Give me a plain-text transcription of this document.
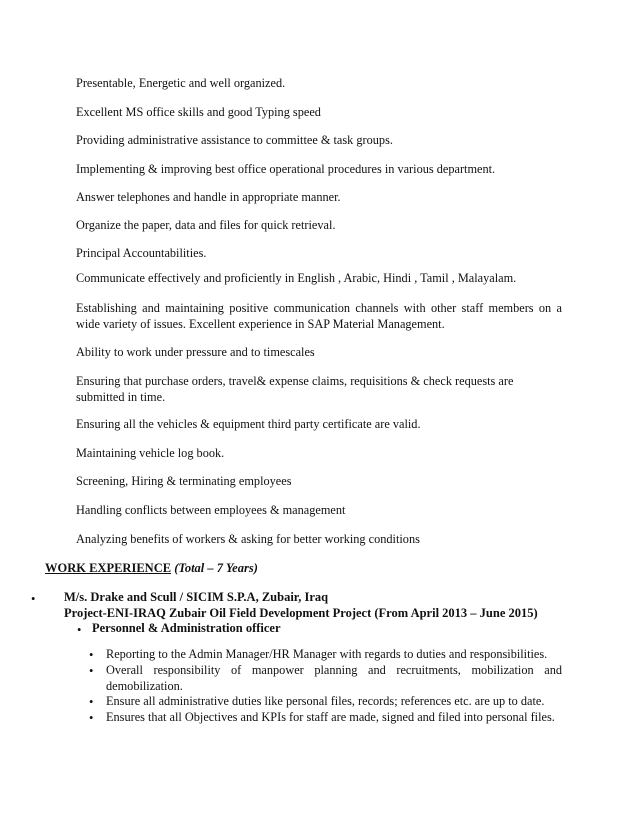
Presentable, Energetic and well organized.
Excellent MS office skills and good Typing speed
Providing administrative assistance to committee & task groups.
Implementing & improving best office operational procedures in various department.
Answer telephones and handle in appropriate manner.
Organize the paper, data and files for quick retrieval.
Principal Accountabilities.
Communicate effectively and proficiently in English , Arabic, Hindi , Tamil , Malayalam.
Establishing and maintaining positive communication channels with other staff members on a wide variety of issues. Excellent experience in SAP Material Management.
Ability to work under pressure and to timescales
Ensuring that purchase orders, travel& expense claims, requisitions & check requests are submitted in time.
Ensuring all the vehicles & equipment third party certificate are valid.
Maintaining vehicle log book.
Screening, Hiring & terminating employees
Handling conflicts between employees & management
Analyzing benefits of workers & asking for better working conditions
WORK EXPERIENCE (Total – 7 Years)
• M/s. Drake and Scull / SICIM S.P.A, Zubair, Iraq
Project-ENI-IRAQ Zubair Oil Field Development Project (From April 2013 – June 2015)
• Personnel & Administration officer
• Reporting to the Admin Manager/HR Manager with regards to duties and responsibilities.
• Overall responsibility of manpower planning and recruitments, mobilization and demobilization.
• Ensure all administrative duties like personal files, records; references etc. are up to date.
• Ensures that all Objectives and KPIs for staff are made, signed and filed into personal files.
